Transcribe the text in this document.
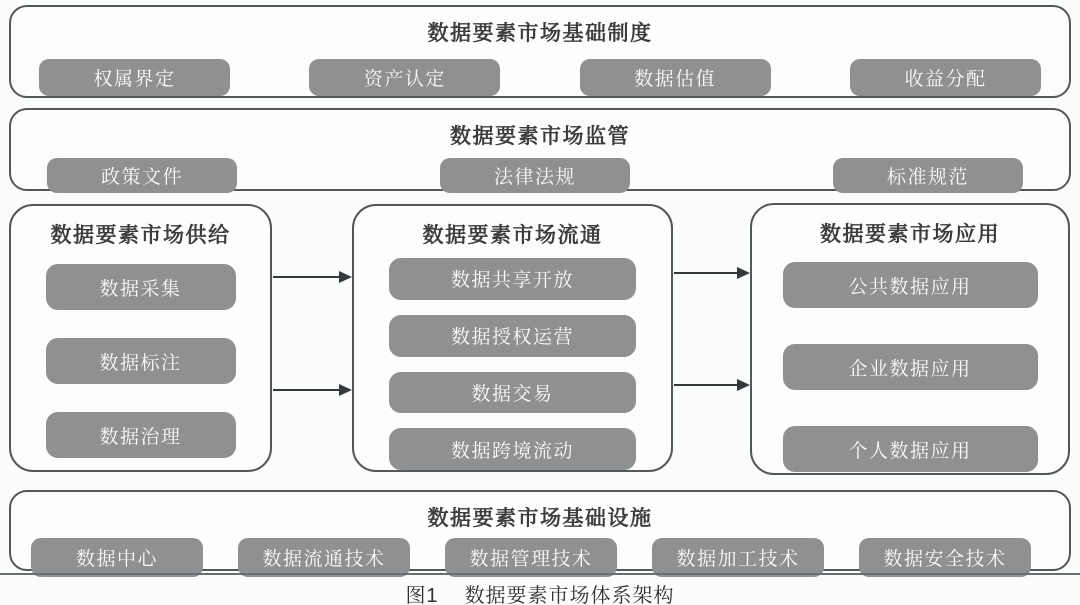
数据要素市场基础制度
权属界定	资产认定	数据估值	收益分配
数据要素市场监管
政策文件	法律法规	标准规范
数据要素市场供给
数据采集
数据标注
数据治理
数据要素市场流通
数据共享开放
数据授权运营
数据交易
数据跨境流动
数据要素市场应用
公共数据应用
企业数据应用
个人数据应用
数据要素市场基础设施
数据中心	数据流通技术	数据管理技术	数据加工技术	数据安全技术
图1 数据要素市场体系架构
